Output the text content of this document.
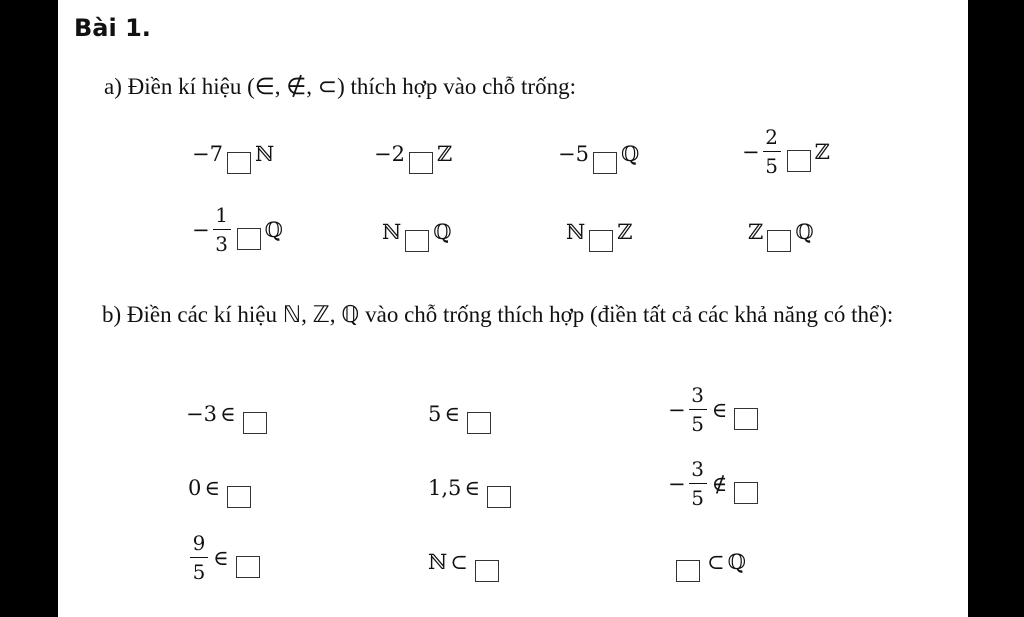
Bài 1.
a) Điền kí hiệu (∈, ∉, ⊂) thích hợp vào chỗ trống:
−7 ℕ	−2 ℤ	−5 ℚ	− $\frac{2}{5}$ ℤ
− $\frac{1}{3}$ ℚ	ℕ ℚ	ℕ ℤ	ℤ ℚ
b) Điền các kí hiệu ℕ, ℤ, ℚ vào chỗ trống thích hợp (điền tất cả các khả năng có thể):
−3 ∈	5 ∈	− $\frac{3}{5}$ ∈
0 ∈	1,5 ∈	− $\frac{3}{5}$ ∉
$\frac{9}{5}$ ∈	ℕ ⊂	⊂ ℚ
